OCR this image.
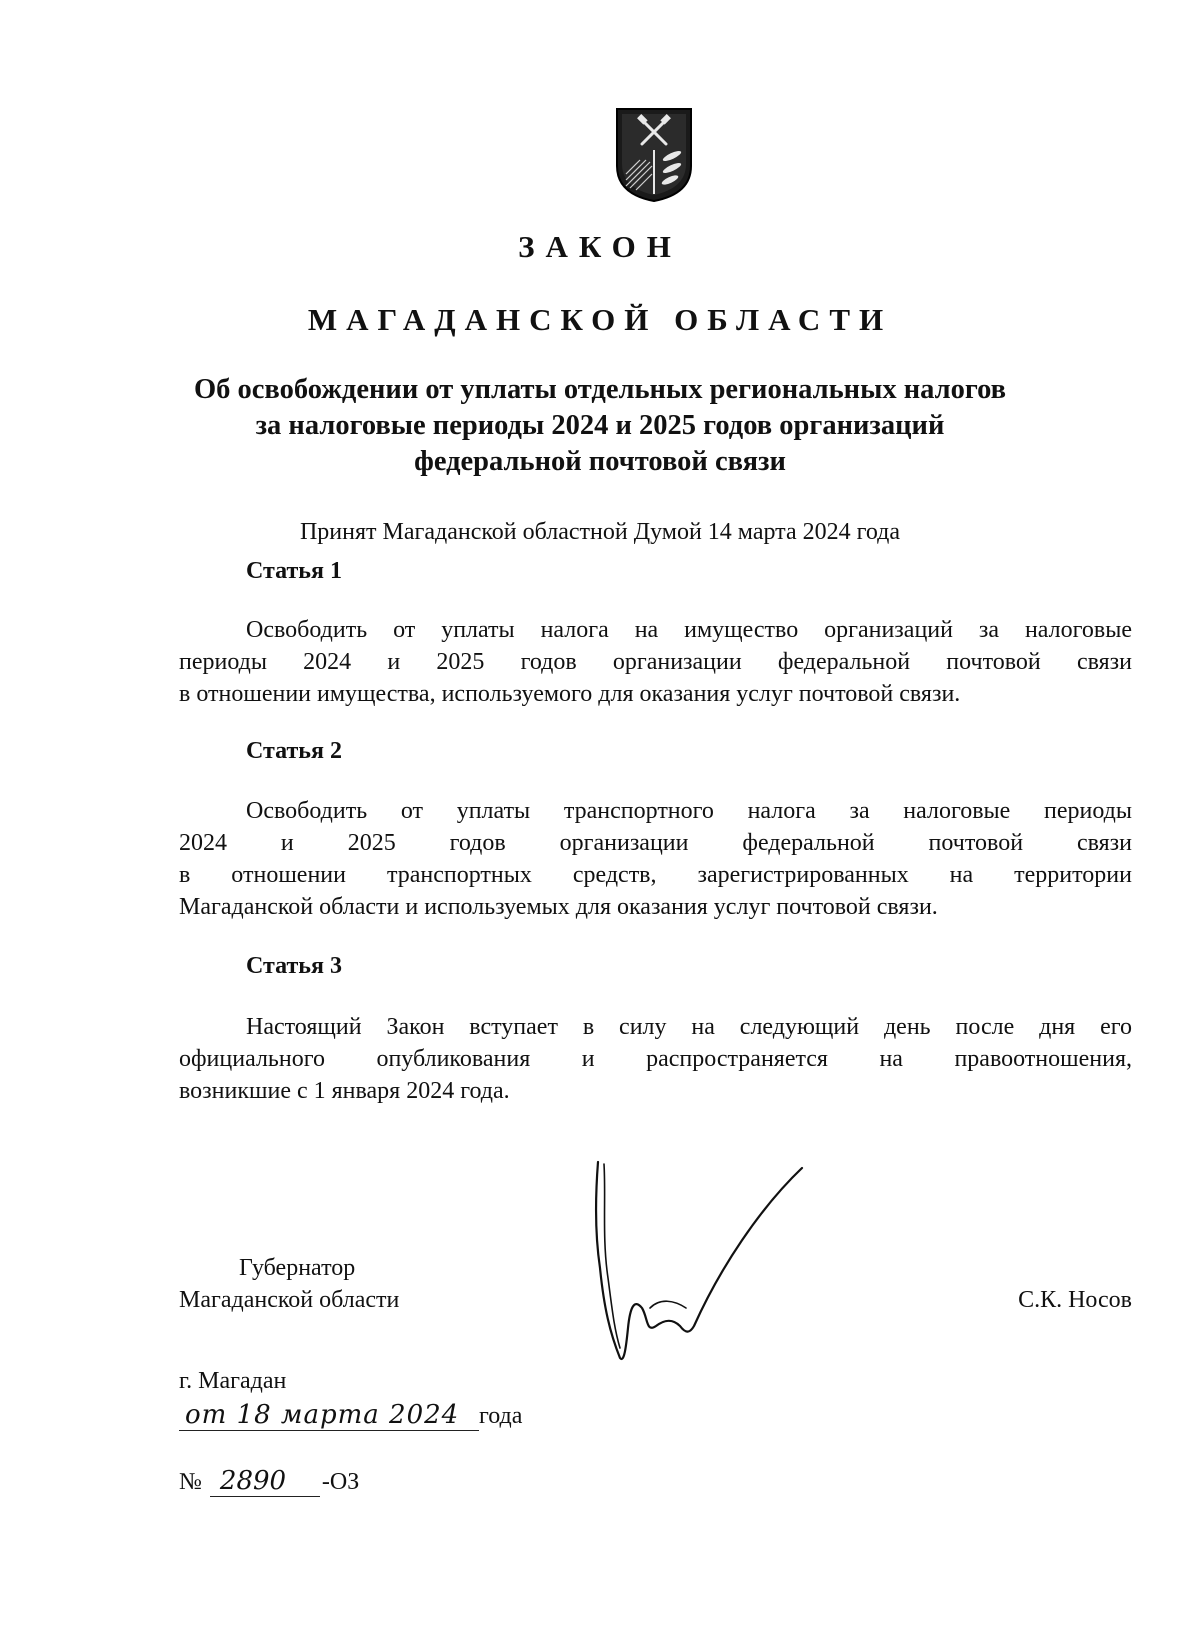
ЗАКОН
МАГАДАНСКОЙ ОБЛАСТИ
Об освобождении от уплаты отдельных региональных налогов
за налоговые периоды 2024 и 2025 годов организаций
федеральной почтовой связи
Принят Магаданской областной Думой 14 марта 2024 года
Статья 1
Освободить от уплаты налога на имущество организаций за налоговые
периоды 2024 и 2025 годов организации федеральной почтовой связи
в отношении имущества, используемого для оказания услуг почтовой связи.
Статья 2
Освободить от уплаты транспортного налога за налоговые периоды
2024 и 2025 годов организации федеральной почтовой связи
в отношении транспортных средств, зарегистрированных на территории
Магаданской области и используемых для оказания услуг почтовой связи.
Статья 3
Настоящий Закон вступает в силу на следующий день после дня его
официального опубликования и распространяется на правоотношения,
возникшие с 1 января 2024 года.
Губернатор
Магаданской области	С.К. Носов
г. Магадан
от 18 марта 2024 года
№ 2890 -ОЗ
